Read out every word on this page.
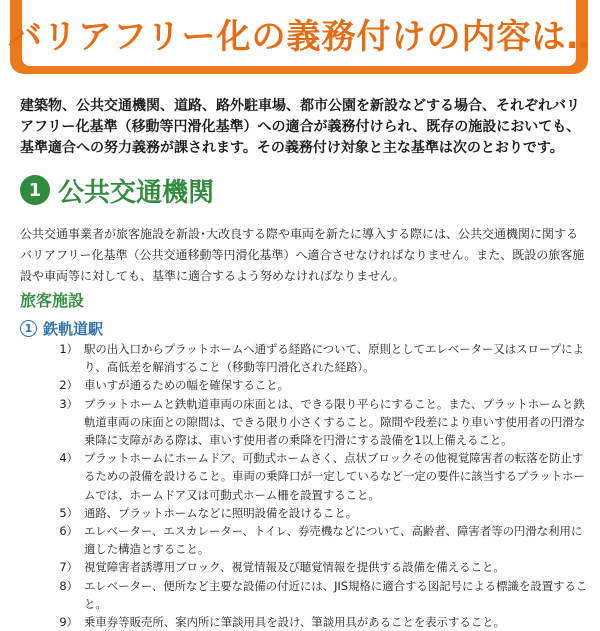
バリアフリー化の義務付けの内容は‥
建築物、公共交通機関、道路、路外駐車場、都市公園を新設などする場合、それぞれバリアフリー化基準（移動等円滑化基準）への適合が義務付けられ、既存の施設においても、基準適合への努力義務が課されます。その義務付け対象と主な基準は次のとおりです。
1 公共交通機関
公共交通事業者が旅客施設を新設･大改良する際や車両を新たに導入する際には、公共交通機関に関するバリアフリー化基準（公共交通移動等円滑化基準）へ適合させなければなりません。また、既設の旅客施設や車両等に対しても、基準に適合するよう努めなければなりません。
旅客施設
1 鉄軌道駅
1） 駅の出入口からプラットホームへ通ずる経路について、原則としてエレベーター又はスロープにより、高低差を解消すること（移動等円滑化された経路）。
2） 車いすが通るための幅を確保すること。
3） プラットホームと鉄軌道車両の床面とは、できる限り平らにすること。また、プラットホームと鉄軌道車両の床面との隙間は、できる限り小さくすること。隙間や段差により車いす使用者の円滑な乗降に支障がある際は、車いす使用者の乗降を円滑にする設備を1以上備えること。
4） プラットホームにホームドア、可動式ホームさく、点状ブロックその他視覚障害者の転落を防止するための設備を設けること。車両の乗降口が一定しているなど一定の要件に該当するプラットホームでは、ホームドア又は可動式ホーム柵を設置すること。
5） 通路、プラットホームなどに照明設備を設けること。
6） エレベーター、エスカレーター、トイレ、券売機などについて、高齢者、障害者等の円滑な利用に適した構造とすること。
7） 視覚障害者誘導用ブロック、視覚情報及び聴覚情報を提供する設備を備えること。
8） エレベーター、便所など主要な設備の付近には、JIS規格に適合する図記号による標識を設置すること。
9） 乗車券等販売所、案内所に筆談用具を設け、筆談用具があることを表示すること。
